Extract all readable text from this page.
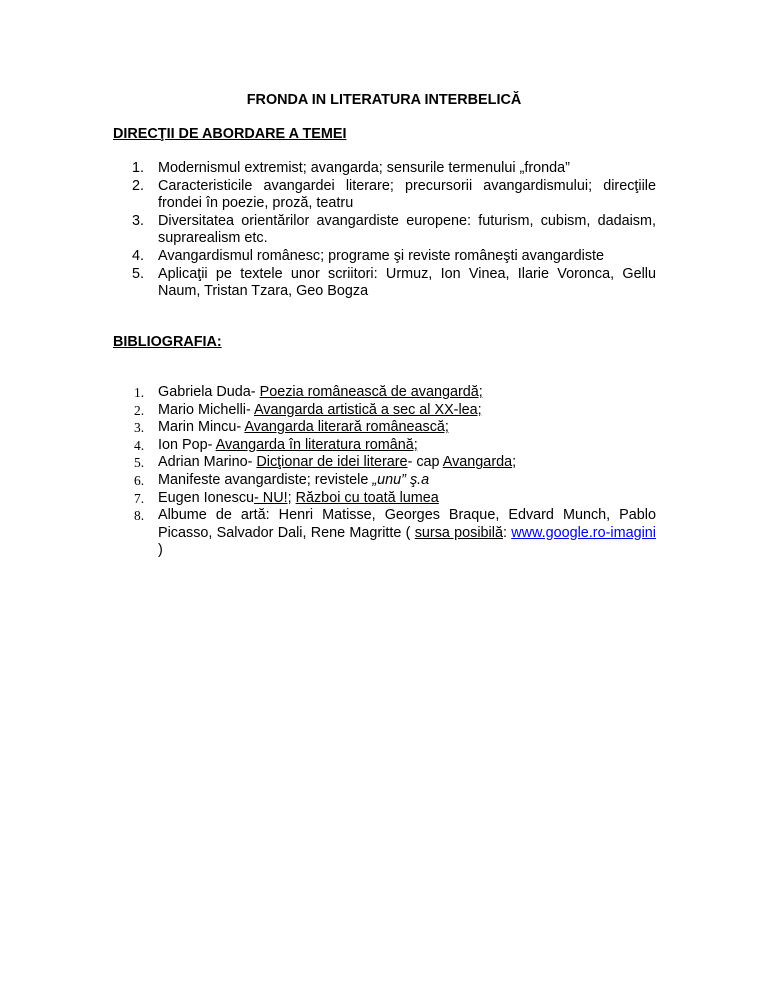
FRONDA IN LITERATURA INTERBELICĂ
DIRECŢII DE ABORDARE A TEMEI
1. Modernismul extremist; avangarda; sensurile termenului „fronda”
2. Caracteristicile avangardei literare; precursorii avangardismului; direcţiile frondei în poezie, proză, teatru
3. Diversitatea orientărilor avangardiste europene: futurism, cubism, dadaism, suprarealism etc.
4. Avangardismul românesc; programe şi reviste româneşti avangardiste
5. Aplicaţii pe textele unor scriitori: Urmuz, Ion Vinea, Ilarie Voronca, Gellu Naum, Tristan Tzara, Geo Bogza
BIBLIOGRAFIA:
1. Gabriela Duda- Poezia românească de avangardă;
2. Mario Michelli- Avangarda artistică a sec al XX-lea;
3. Marin Mincu- Avangarda literară românească;
4. Ion Pop- Avangarda în literatura română;
5. Adrian Marino- Dicţionar de idei literare- cap Avangarda;
6. Manifeste avangardiste; revistele „unu” ş.a
7. Eugen Ionescu- NU!; Război cu toată lumea
8. Albume de artă: Henri Matisse, Georges Braque, Edvard Munch, Pablo Picasso, Salvador Dali, Rene Magritte ( sursa posibilă: www.google.ro-imagini )
